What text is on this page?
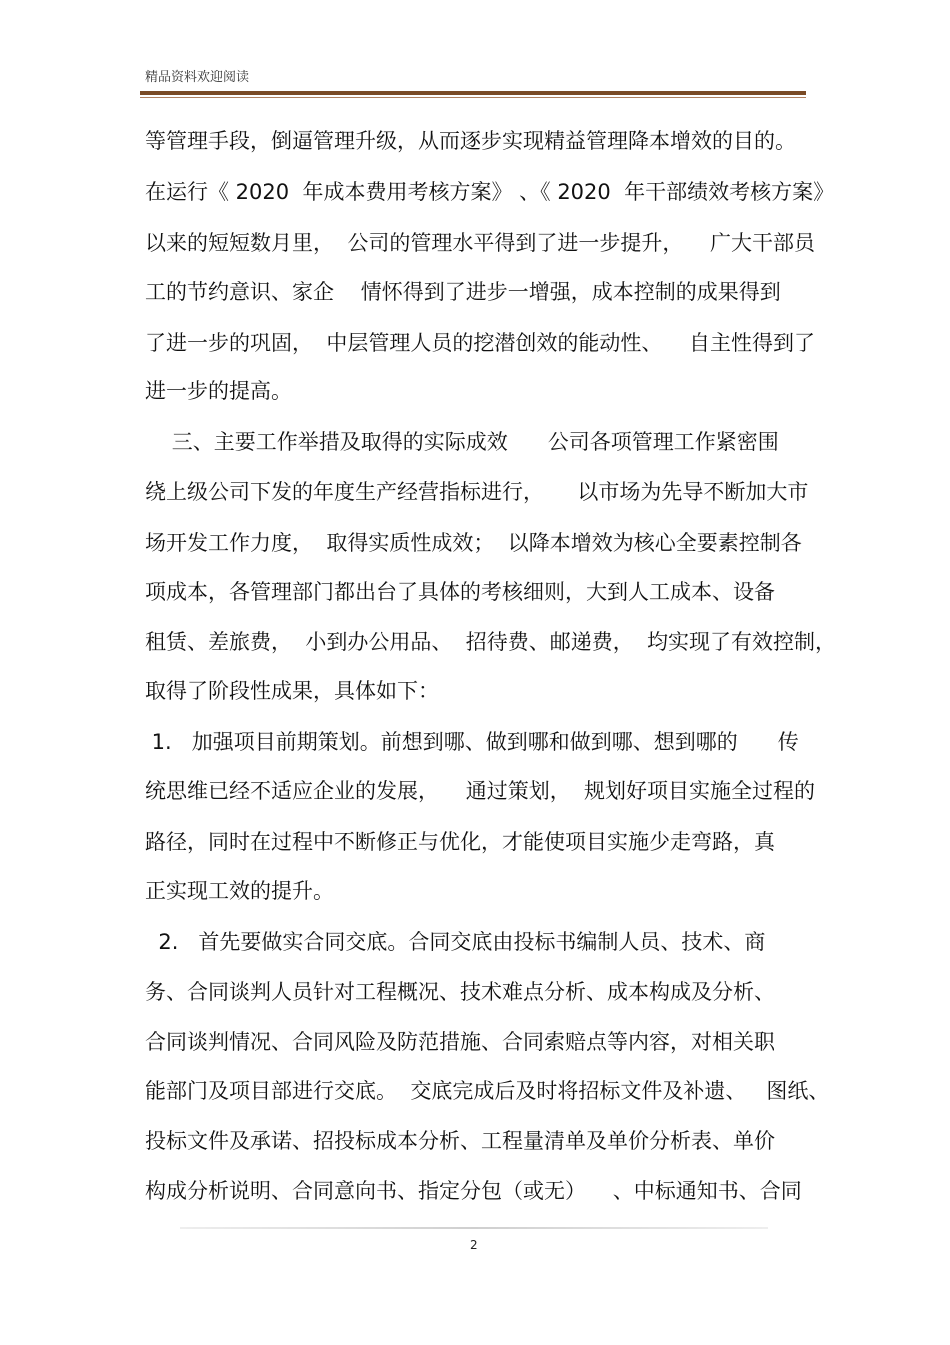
精品资料欢迎阅读
等管理手段，倒逼管理升级，从而逐步实现精益管理降本增效的目的。
在运行《 2020  年成本费用考核方案》 、《 2020  年干部绩效考核方案》
以来的短短数月里，  公司的管理水平得到了进一步提升，    广大干部员
工的节约意识、家企    情怀得到了进步一增强，成本控制的成果得到
了进一步的巩固，  中层管理人员的挖潜创效的能动性、    自主性得到了
进一步的提高。
三、主要工作举措及取得的实际成效      公司各项管理工作紧密围
绕上级公司下发的年度生产经营指标进行，     以市场为先导不断加大市
场开发工作力度，  取得实质性成效；  以降本增效为核心全要素控制各
项成本，各管理部门都出台了具体的考核细则，大到人工成本、设备
租赁、差旅费，  小到办公用品、  招待费、邮递费，  均实现了有效控制，
取得了阶段性成果，具体如下：
1.   加强项目前期策划。前想到哪、做到哪和做到哪、想到哪的      传
统思维已经不适应企业的发展，    通过策划，  规划好项目实施全过程的
路径，同时在过程中不断修正与优化，才能使项目实施少走弯路，真
正实现工效的提升。
2.   首先要做实合同交底。合同交底由投标书编制人员、技术、商
务、合同谈判人员针对工程概况、技术难点分析、成本构成及分析、
合同谈判情况、合同风险及防范措施、合同索赔点等内容，对相关职
能部门及项目部进行交底。  交底完成后及时将招标文件及补遗、   图纸、
投标文件及承诺、招投标成本分析、工程量清单及单价分析表、单价
构成分析说明、合同意向书、指定分包（或无）    、中标通知书、合同
2
